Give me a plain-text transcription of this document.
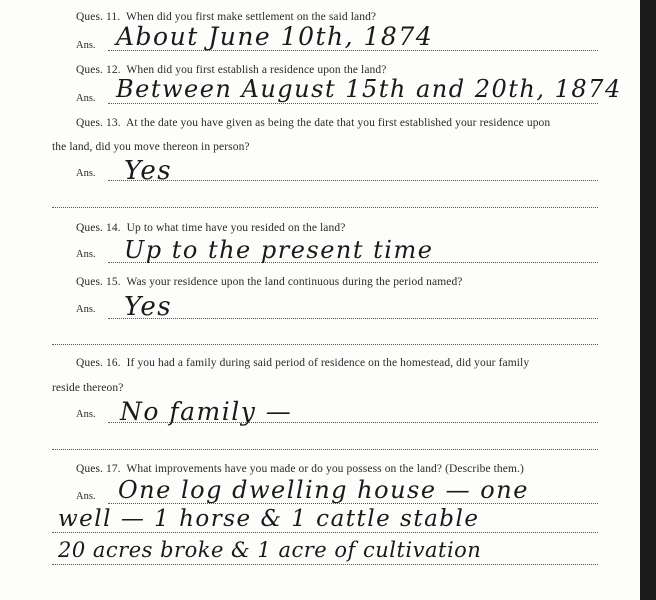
Ques. 11. When did you first make settlement on the said land?
Ans. About June 10th, 1874
Ques. 12. When did you first establish a residence upon the land?
Ans. Between August 15th and 20th, 1874
Ques. 13. At the date you have given as being the date that you first established your residence upon
the land, did you move thereon in person?
Ans. Yes
Ques. 14. Up to what time have you resided on the land?
Ans. Up to the present time
Ques. 15. Was your residence upon the land continuous during the period named?
Ans. Yes
Ques. 16. If you had a family during said period of residence on the homestead, did your family
reside thereon?
Ans. No family —
Ques. 17. What improvements have you made or do you possess on the land? (Describe them.)
Ans. One log dwelling house — one
well — 1 horse & 1 cattle stable
20 acres broke & 1 acre of cultivation
